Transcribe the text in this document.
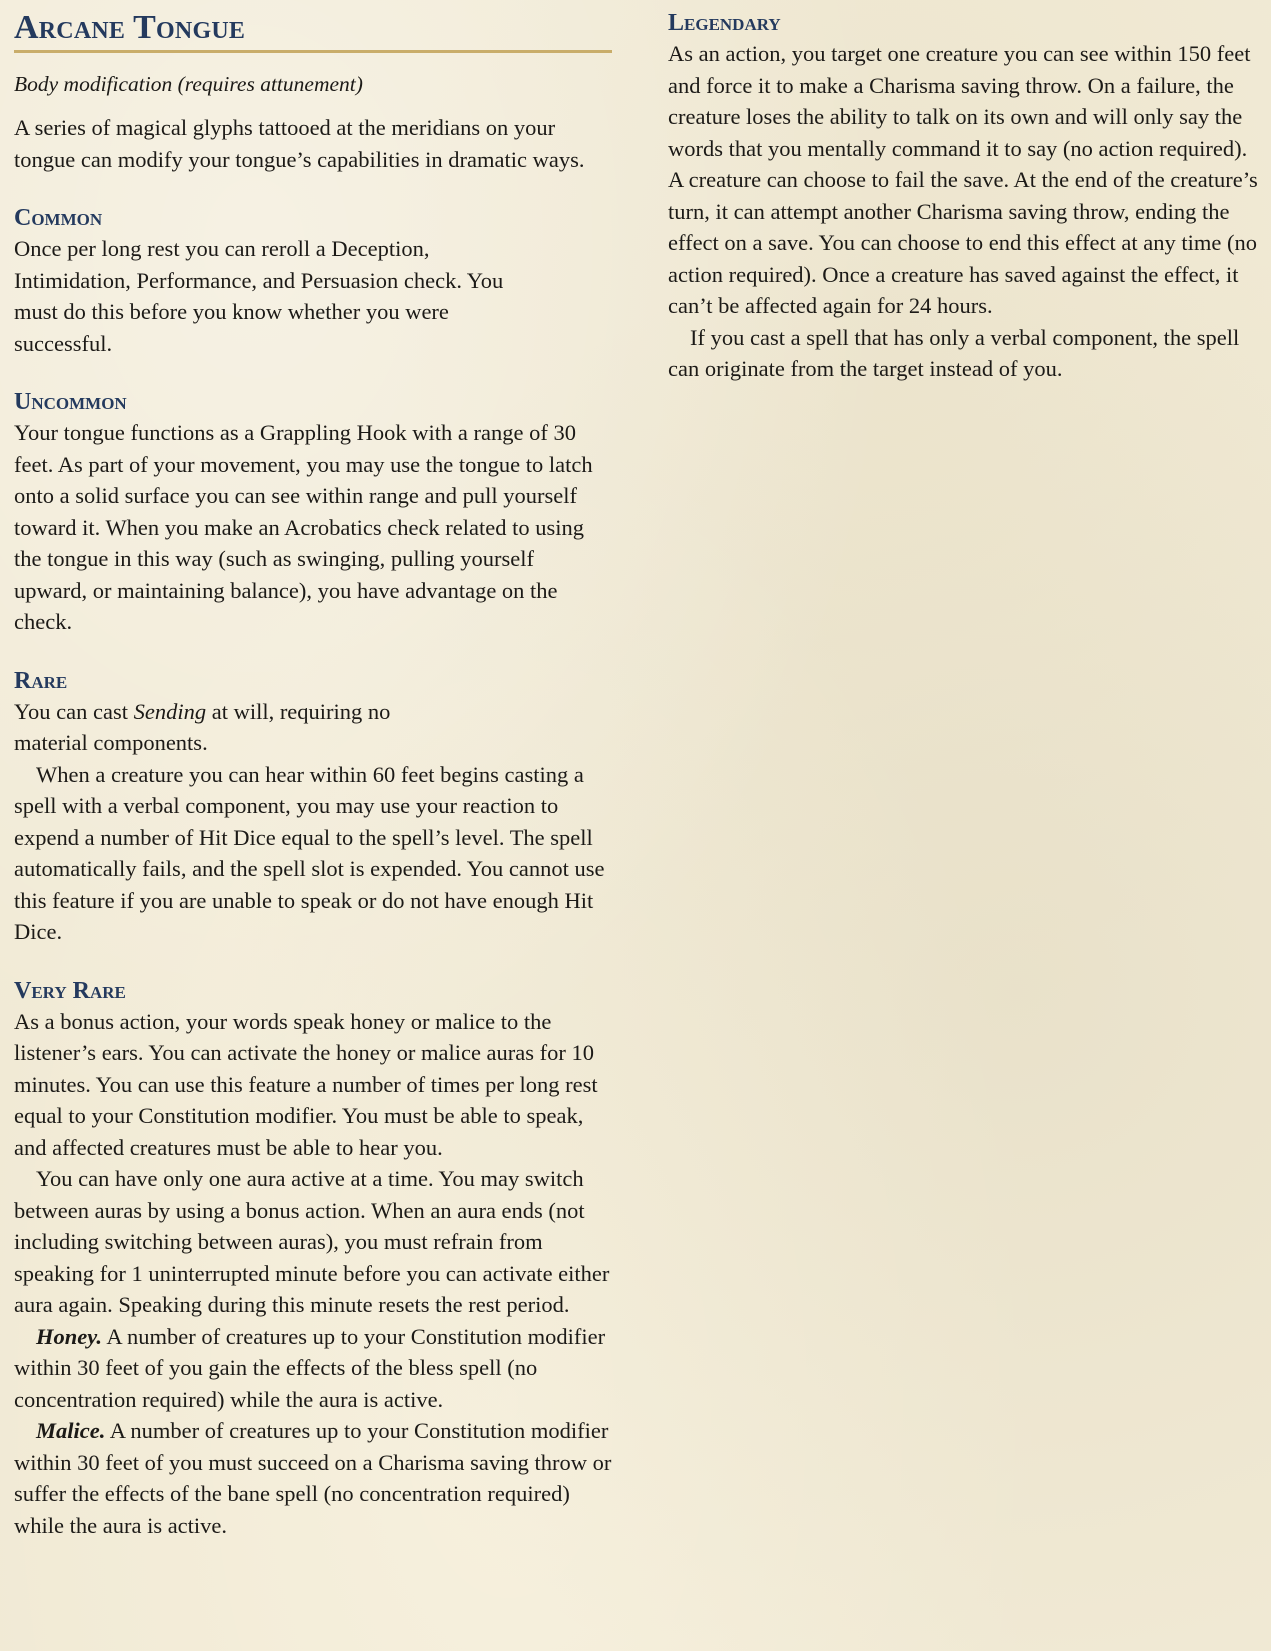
Arcane Tongue
Body modification (requires attunement)

A series of magical glyphs tattooed at the meridians on your tongue can modify your tongue’s capabilities in dramatic ways.

Common

Once per long rest you can reroll a Deception, Intimidation, Performance, and Persuasion check. You must do this before you know whether you were successful.

Uncommon

Your tongue functions as a Grappling Hook with a range of 30 feet. As part of your movement, you may use the tongue to latch onto a solid surface you can see within range and pull yourself toward it. When you make an Acrobatics check related to using the tongue in this way (such as swinging, pulling yourself upward, or maintaining balance), you have advantage on the check.

Rare

You can cast Sending at will, requiring no material components.

When a creature you can hear within 60 feet begins casting a spell with a verbal component, you may use your reaction to expend a number of Hit Dice equal to the spell’s level. The spell automatically fails, and the spell slot is expended. You cannot use this feature if you are unable to speak or do not have enough Hit Dice.

Very Rare

As a bonus action, your words speak honey or malice to the listener’s ears. You can activate the honey or malice auras for 10 minutes. You can use this feature a number of times per long rest equal to your Constitution modifier. You must be able to speak, and affected creatures must be able to hear you.

You can have only one aura active at a time. You may switch between auras by using a bonus action. When an aura ends (not including switching between auras), you must refrain from speaking for 1 uninterrupted minute before you can activate either aura again. Speaking during this minute resets the rest period.

Honey. A number of creatures up to your Constitution modifier within 30 feet of you gain the effects of the bless spell (no concentration required) while the aura is active.

Malice. A number of creatures up to your Constitution modifier within 30 feet of you must succeed on a Charisma saving throw or suffer the effects of the bane spell (no concentration required) while the aura is active.

Legendary

As an action, you target one creature you can see within 150 feet and force it to make a Charisma saving throw. On a failure, the creature loses the ability to talk on its own and will only say the words that you mentally command it to say (no action required). A creature can choose to fail the save. At the end of the creature’s turn, it can attempt another Charisma saving throw, ending the effect on a save. You can choose to end this effect at any time (no action required). Once a creature has saved against the effect, it can’t be affected again for 24 hours.

If you cast a spell that has only a verbal component, the spell can originate from the target instead of you.
